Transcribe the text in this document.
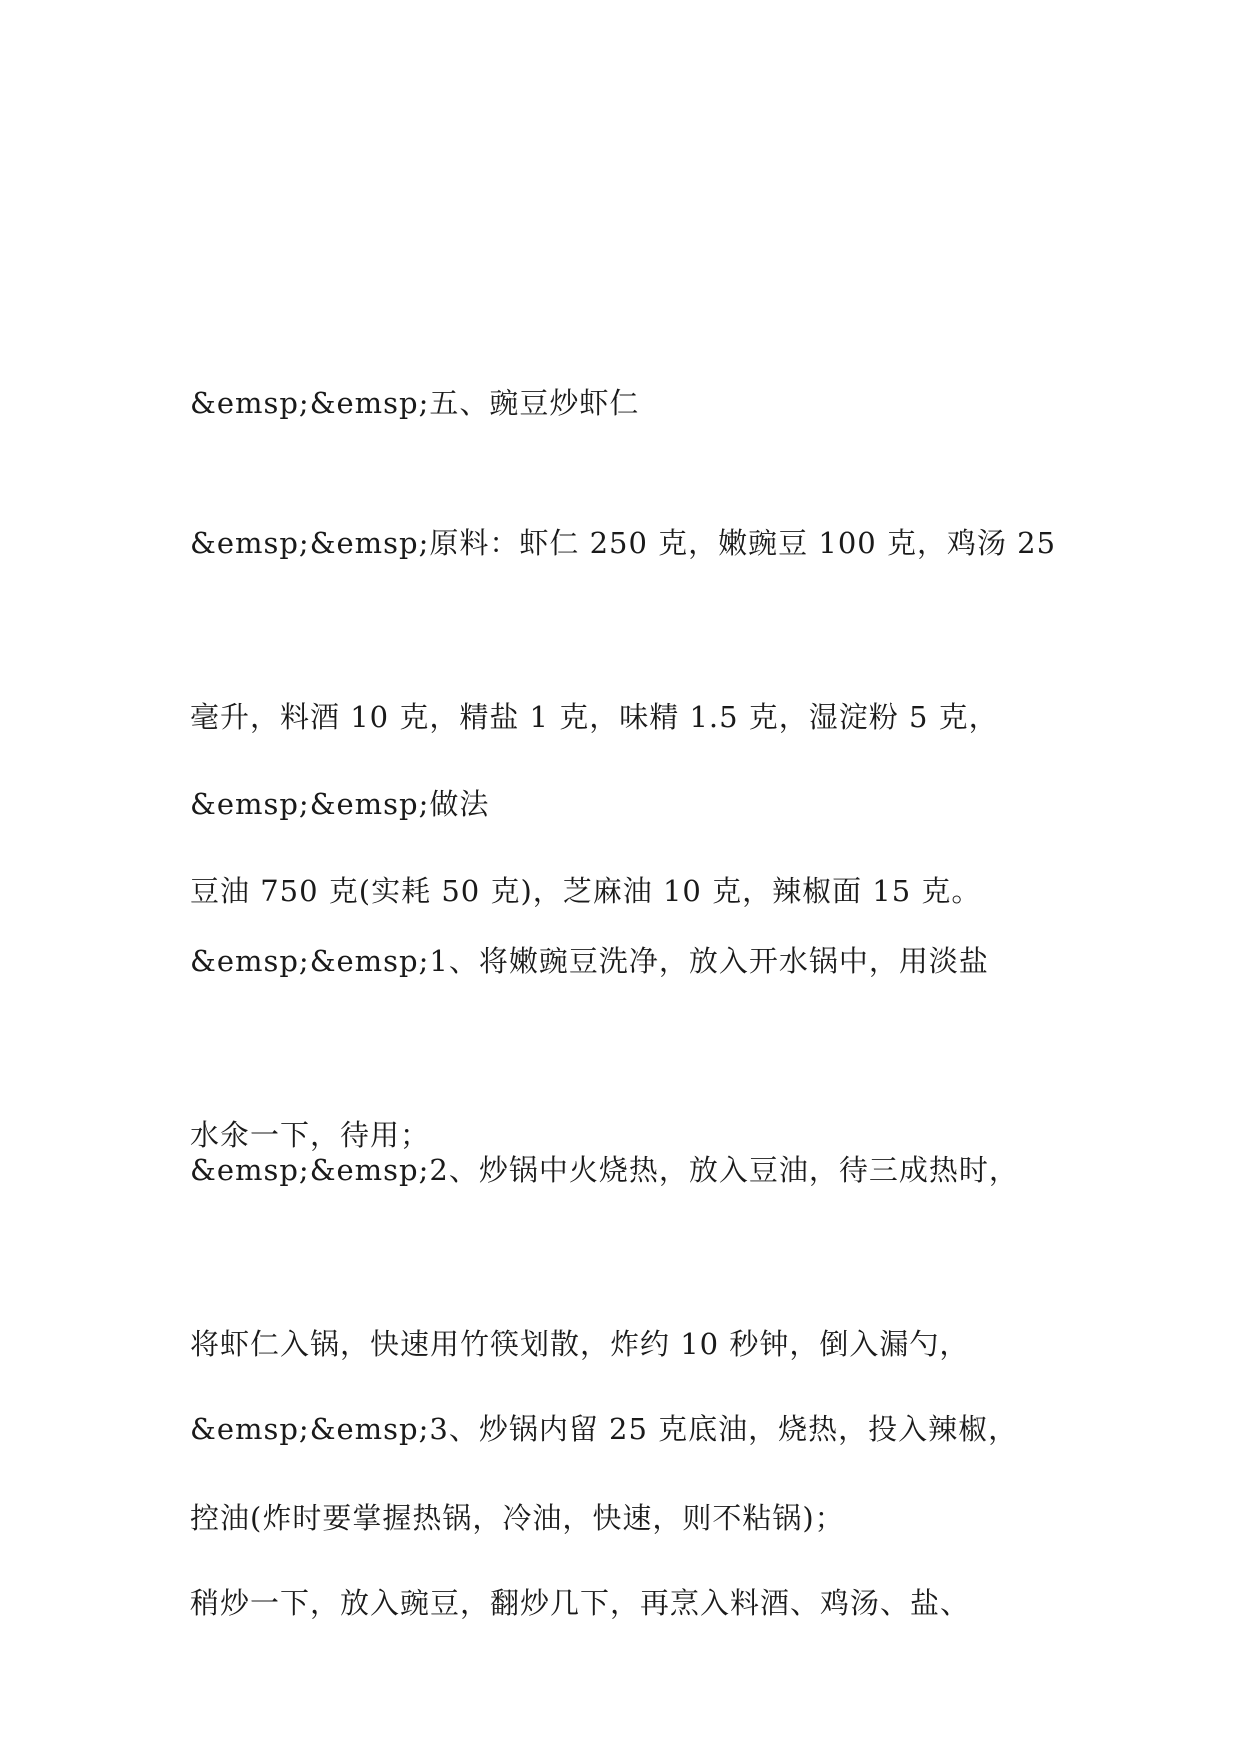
&emsp;&emsp;五、豌豆炒虾仁

&emsp;&emsp;原料：虾仁 250 克，嫩豌豆 100 克，鸡汤 25

毫升，料酒 10 克，精盐 1 克，味精 1.5 克，湿淀粉 5 克，

豆油 750 克(实耗 50 克)，芝麻油 10 克，辣椒面 15 克。

&emsp;&emsp;做法

&emsp;&emsp;1、将嫩豌豆洗净，放入开水锅中，用淡盐

水氽一下，待用；

&emsp;&emsp;2、炒锅中火烧热，放入豆油，待三成热时，

将虾仁入锅，快速用竹筷划散，炸约 10 秒钟，倒入漏勺，

控油(炸时要掌握热锅，冷油，快速，则不粘锅)；

&emsp;&emsp;3、炒锅内留 25 克底油，烧热，投入辣椒，

稍炒一下，放入豌豆，翻炒几下，再烹入料酒、鸡汤、盐、
